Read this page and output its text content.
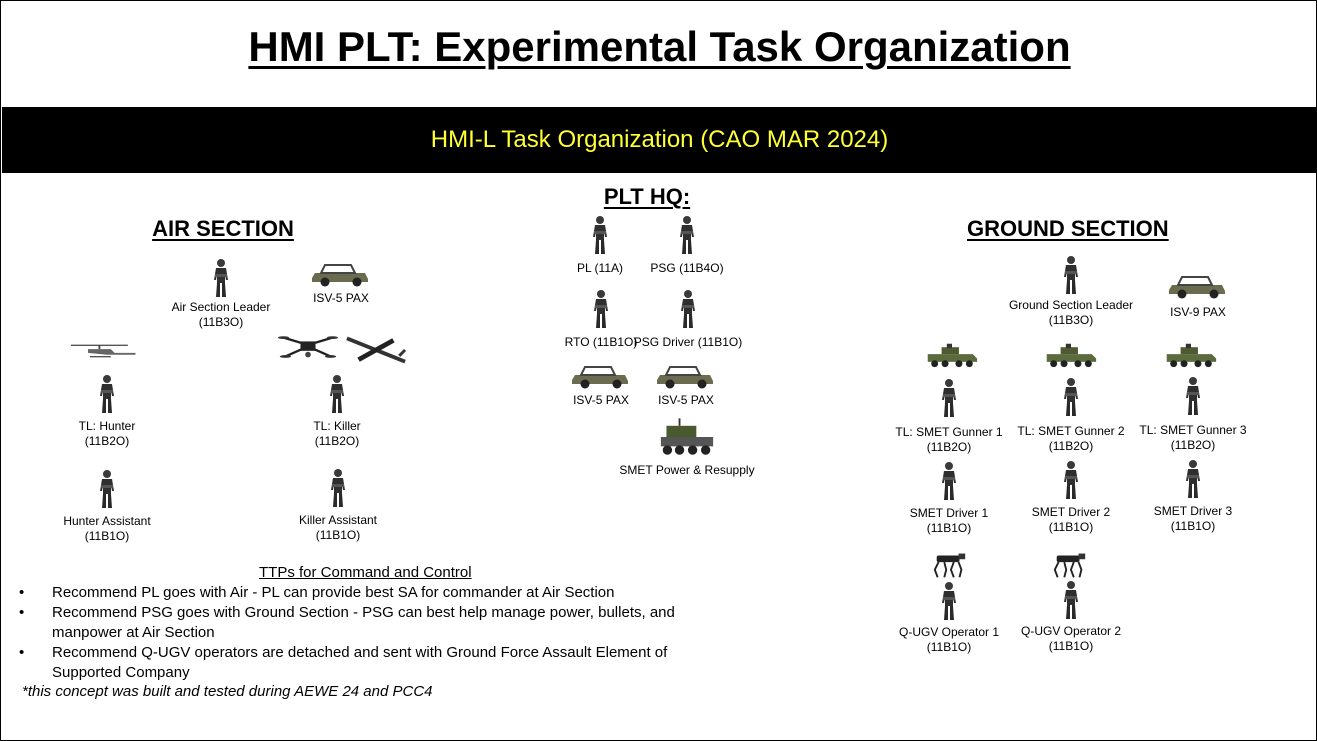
HMI PLT: Experimental Task Organization
HMI-L Task Organization (CAO MAR 2024)
PLT HQ:
PL (11A)	PSG (11B4O)
RTO (11B1O)
PSG Driver (11B1O)
ISV-5 PAX	ISV-5 PAX
SMET Power & Resupply
AIR SECTION
Air Section Leader
(11B3O)
ISV-5 PAX
TL: Hunter
(11B2O)
TL: Killer
(11B2O)
Hunter Assistant
(11B1O)
Killer Assistant
(11B1O)
GROUND SECTION
Ground Section Leader
(11B3O)
ISV-9 PAX
TL: SMET Gunner 1
(11B2O)
TL: SMET Gunner 2
(11B2O)
TL: SMET Gunner 3
(11B2O)
SMET Driver 1
(11B1O)
SMET Driver 2
(11B1O)
SMET Driver 3
(11B1O)
Q-UGV Operator 1
(11B1O)
Q-UGV Operator 2
(11B1O)
TTPs for Command and Control
• Recommend PL goes with Air - PL can provide best SA for commander at Air Section
• Recommend PSG goes with Ground Section - PSG can best help manage power, bullets, and manpower at Air Section
• Recommend Q-UGV operators are detached and sent with Ground Force Assault Element of Supported Company
*this concept was built and tested during AEWE 24 and PCC4
